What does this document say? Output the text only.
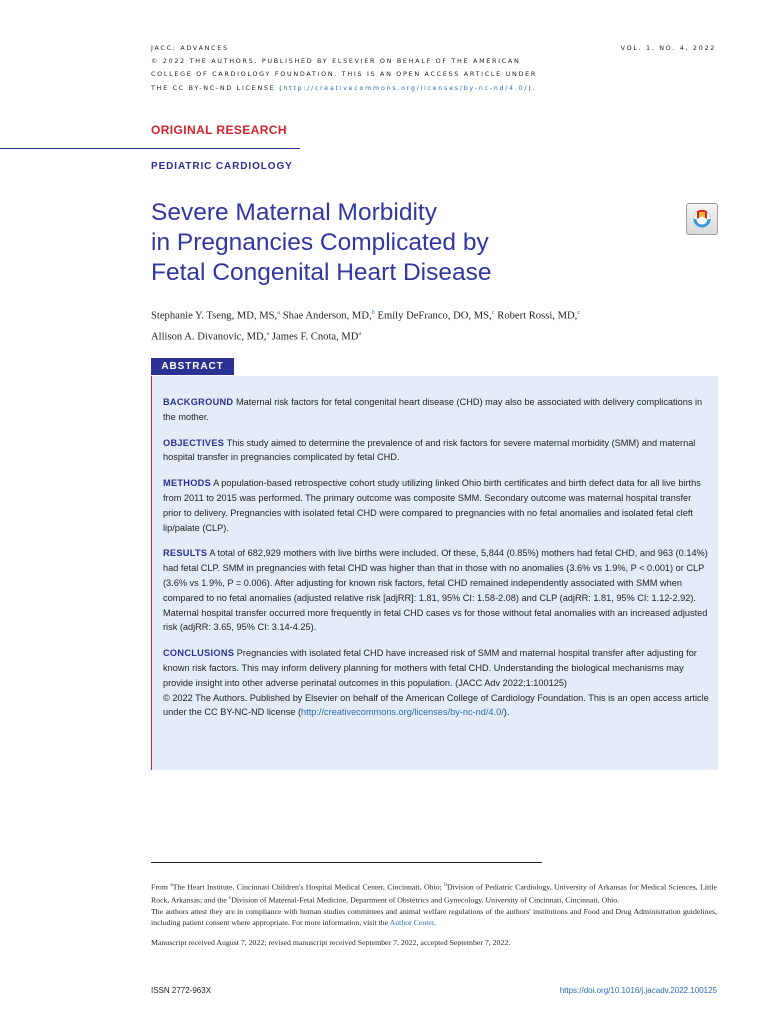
JACC: ADVANCES
© 2022 THE AUTHORS. PUBLISHED BY ELSEVIER ON BEHALF OF THE AMERICAN
COLLEGE OF CARDIOLOGY FOUNDATION. THIS IS AN OPEN ACCESS ARTICLE UNDER
THE CC BY-NC-ND LICENSE (http://creativecommons.org/licenses/by-nc-nd/4.0/).
VOL. 1, NO. 4, 2022
ORIGINAL RESEARCH
PEDIATRIC CARDIOLOGY
Severe Maternal Morbidity
in Pregnancies Complicated by
Fetal Congenital Heart Disease
Stephanie Y. Tseng, MD, MS,$^a$ Shae Anderson, MD,$^b$ Emily DeFranco, DO, MS,$^c$ Robert Rossi, MD,$^c$
Allison A. Divanovic, MD,$^a$ James F. Cnota, $MD^a$
ABSTRACT

BACKGROUND Maternal risk factors for fetal congenital heart disease (CHD) may also be associated with delivery complications in the mother.

OBJECTIVES This study aimed to determine the prevalence of and risk factors for severe maternal morbidity (SMM) and maternal hospital transfer in pregnancies complicated by fetal CHD.

METHODS A population-based retrospective cohort study utilizing linked Ohio birth certificates and birth defect data for all live births from 2011 to 2015 was performed. The primary outcome was composite SMM. Secondary outcome was maternal hospital transfer prior to delivery. Pregnancies with isolated fetal CHD were compared to pregnancies with no fetal anomalies and isolated fetal cleft lip/palate (CLP).

RESULTS A total of 682,929 mothers with live births were included. Of these, 5,844 (0.85%) mothers had fetal CHD, and 963 (0.14%) had fetal CLP. SMM in pregnancies with fetal CHD was higher than that in those with no anomalies (3.6% vs 1.9%, P < 0.001) or CLP (3.6% vs 1.9%, P = 0.006). After adjusting for known risk factors, fetal CHD remained independently associated with SMM when compared to no fetal anomalies (adjusted relative risk [adjRR]: 1.81, 95% CI: 1.58-2.08) and CLP (adjRR: 1.81, 95% CI: 1.12-2.92). Maternal hospital transfer occurred more frequently in fetal CHD cases vs for those without fetal anomalies with an increased adjusted risk (adjRR: 3.65, 95% CI: 3.14-4.25).

CONCLUSIONS Pregnancies with isolated fetal CHD have increased risk of SMM and maternal hospital transfer after adjusting for known risk factors. This may inform delivery planning for mothers with fetal CHD. Understanding the biological mechanisms may provide insight into other adverse perinatal outcomes in this population. (JACC Adv 2022;1:100125)

© 2022 The Authors. Published by Elsevier on behalf of the American College of Cardiology Foundation. This is an open access article under the CC BY-NC-ND license (http://creativecommons.org/licenses/by-nc-nd/4.0/).

From $^a$The Heart Institute, Cincinnati Children's Hospital Medical Center, Cincinnati, Ohio; $^b$Division of Pediatric Cardiology, University of Arkansas for Medical Sciences, Little Rock, Arkansas; and the $^c$Division of Maternal-Fetal Medicine, Department of Obstetrics and Gynecology, University of Cincinnati, Cincinnati, Ohio.

The authors attest they are in compliance with human studies committees and animal welfare regulations of the authors' institutions and Food and Drug Administration guidelines, including patient consent where appropriate. For more information, visit the Author Center.

Manuscript received August 7, 2022; revised manuscript received September 7, 2022, accepted September 7, 2022.

ISSN 2772-963X	https://doi.org/10.1016/j.jacadv.2022.100125
